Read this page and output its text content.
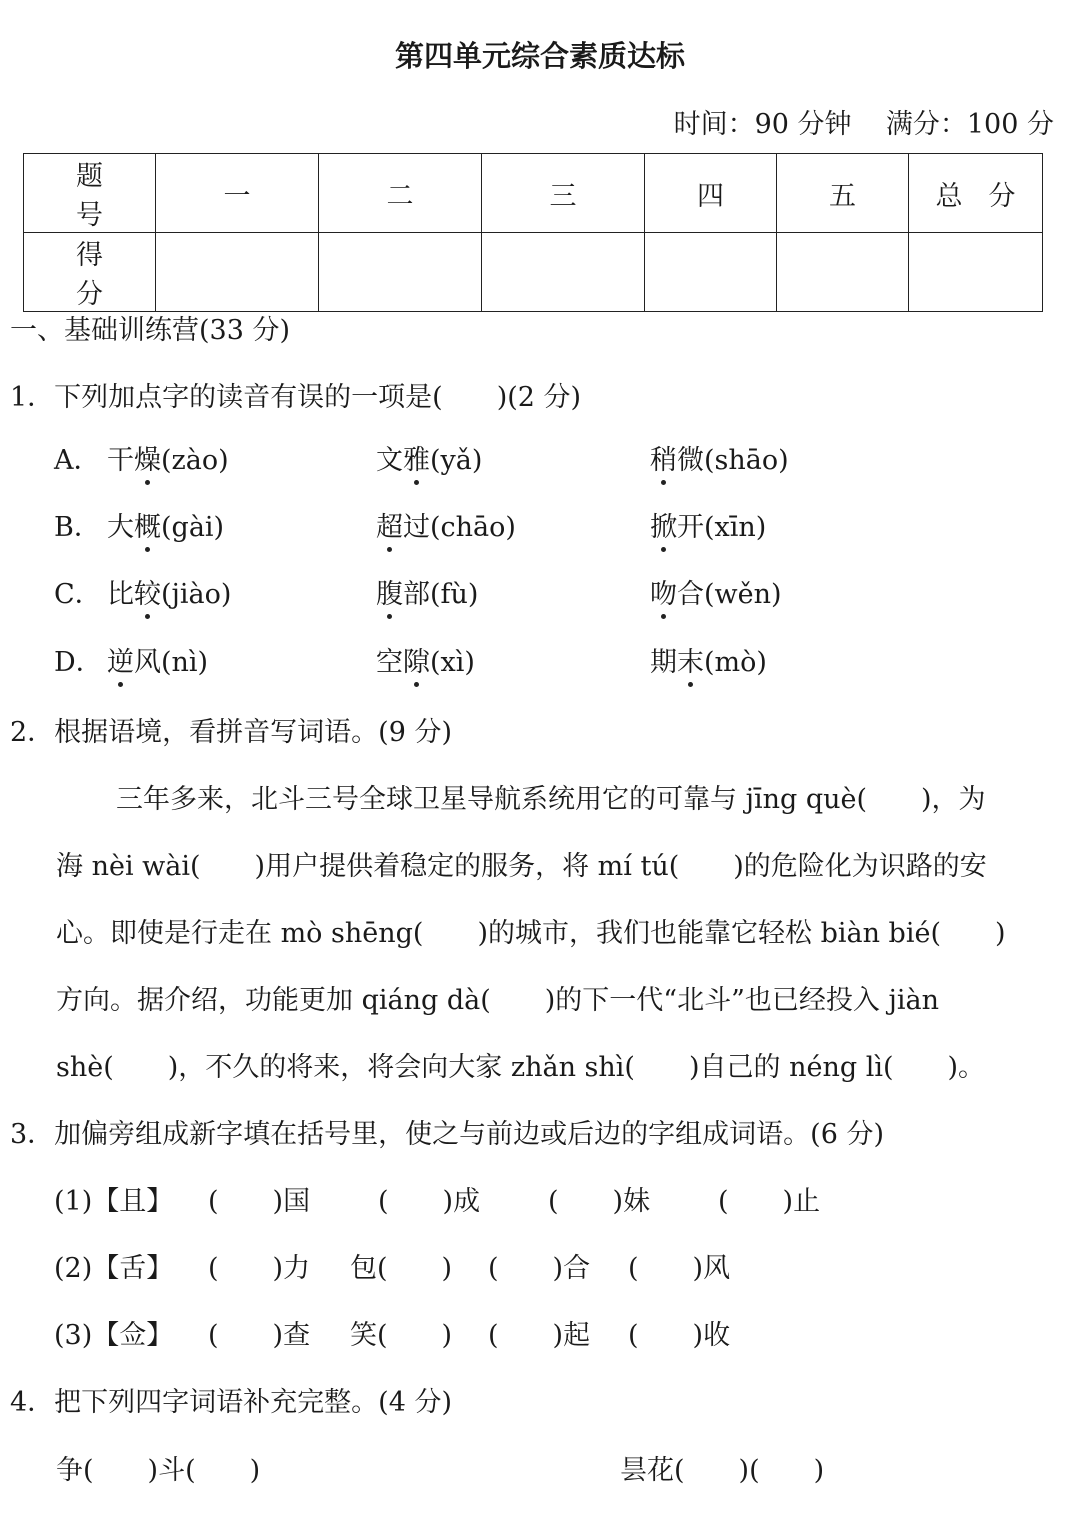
第四单元综合素质达标
时间：90 分钟    满分：100 分
题号	一	二	三	四	五	总分
得分						
一、基础训练营(33 分)
1．下列加点字的读音有误的一项是(　　)(2 分)
A． 干燥(zào)	文雅(yǎ)	稍微(shāo)
B． 大概(gài)	超过(chāo)	掀开(xīn)
C． 比较(jiào)	腹部(fù)	吻合(wěn)
D． 逆风(nì)	空隙(xì)	期末(mò)
2．根据语境，看拼音写词语。(9 分)
三年多来，北斗三号全球卫星导航系统用它的可靠与 jīng què(　　)，为
海 nèi wài(　　)用户提供着稳定的服务，将 mí tú(　　)的危险化为识路的安
心。即使是行走在 mò shēng(　　)的城市，我们也能靠它轻松 biàn bié(　　)
方向。据介绍，功能更加 qiáng dà(　　)的下一代“北斗”也已经投入 jiàn
shè(　　)，不久的将来，将会向大家 zhǎn shì(　　)自己的 néng lì(　　)。
3．加偏旁组成新字填在括号里，使之与前边或后边的字组成词语。(6 分)
(1)【且】 (　　)国	(　　)成	(　　)妹	(　　)止
(2)【舌】 (　　)力 包(　　) (　　)合 (　　)风
(3)【佥】 (　　)查 笑(　　) (　　)起 (　　)收
4．把下列四字词语补充完整。(4 分)
争(　　)斗(　　)	昙花(　　)(　　)
